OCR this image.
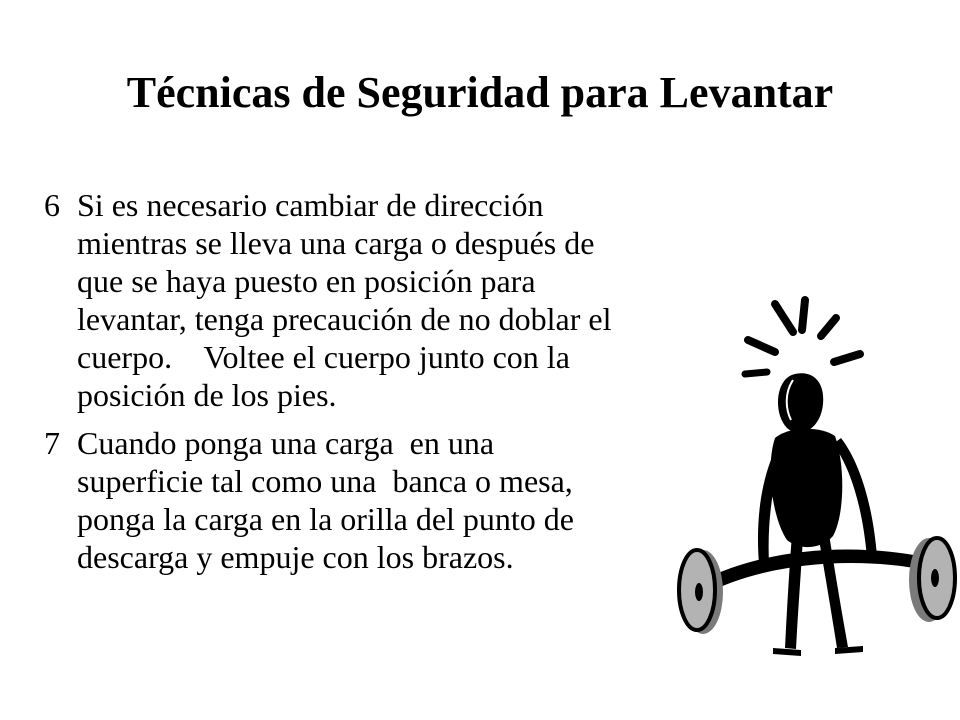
Técnicas de Seguridad para Levantar
6 Si es necesario cambiar de dirección
mientras se lleva una carga o después de
que se haya puesto en posición para
levantar, tenga precaución de no doblar el
cuerpo.    Voltee el cuerpo junto con la
posición de los pies.
7 Cuando ponga una carga  en una
superficie tal como una  banca o mesa,
ponga la carga en la orilla del punto de
descarga y empuje con los brazos.
